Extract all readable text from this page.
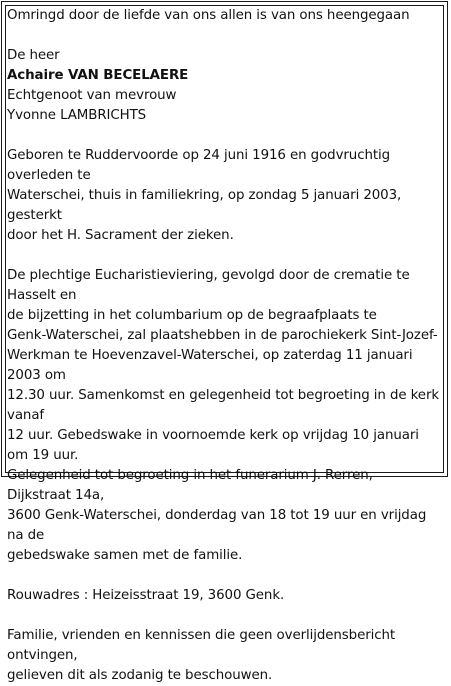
Omringd door de liefde van ons allen is van ons heengegaan

De heer

Achaire VAN BECELAERE

Echtgenoot van mevrouw

Yvonne LAMBRICHTS

Geboren te Ruddervoorde op 24 juni 1916 en godvruchtig overleden te
Waterschei, thuis in familiekring, op zondag 5 januari 2003, gesterkt
door het H. Sacrament der zieken.

De plechtige Eucharistieviering, gevolgd door de crematie te Hasselt en
de bijzetting in het columbarium op de begraafplaats te
Genk-Waterschei, zal plaatshebben in de parochiekerk Sint-Jozef-
Werkman te Hoevenzavel-Waterschei, op zaterdag 11 januari 2003 om
12.30 uur. Samenkomst en gelegenheid tot begroeting in de kerk vanaf
12 uur. Gebedswake in voornoemde kerk op vrijdag 10 januari om 19 uur.
Gelegenheid tot begroeting in het funerarium J. Rerren, Dijkstraat 14a,
3600 Genk-Waterschei, donderdag van 18 tot 19 uur en vrijdag na de
gebedswake samen met de familie.

Rouwadres : Heizeisstraat 19, 3600 Genk.

Familie, vrienden en kennissen die geen overlijdensbericht ontvingen,
gelieven dit als zodanig te beschouwen.
